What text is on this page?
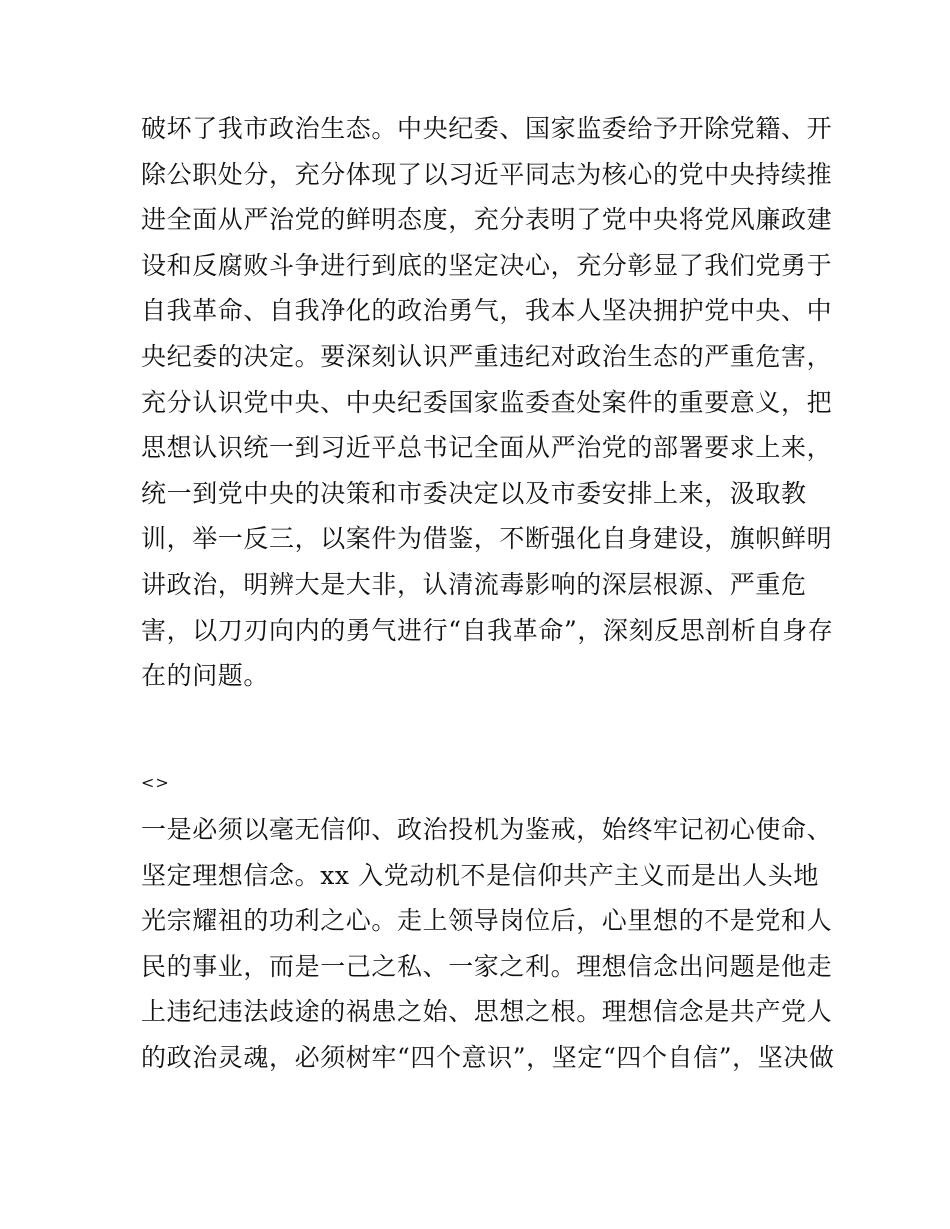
破坏了我市政治生态。中央纪委、国家监委给予开除党籍、开
除公职处分，充分体现了以习近平同志为核心的党中央持续推
进全面从严治党的鲜明态度，充分表明了党中央将党风廉政建
设和反腐败斗争进行到底的坚定决心，充分彰显了我们党勇于
自我革命、自我净化的政治勇气，我本人坚决拥护党中央、中
央纪委的决定。要深刻认识严重违纪对政治生态的严重危害，
充分认识党中央、中央纪委国家监委查处案件的重要意义，把
思想认识统一到习近平总书记全面从严治党的部署要求上来，
统一到党中央的决策和市委决定以及市委安排上来，汲取教
训，举一反三，以案件为借鉴，不断强化自身建设，旗帜鲜明
讲政治，明辨大是大非，认清流毒影响的深层根源、严重危
害，以刀刃向内的勇气进行“自我革命”，深刻反思剖析自身存
在的问题。
<>
一是必须以毫无信仰、政治投机为鉴戒，始终牢记初心使命、
坚定理想信念。xx 入党动机不是信仰共产主义而是出人头地
光宗耀祖的功利之心。走上领导岗位后，心里想的不是党和人
民的事业，而是一己之私、一家之利。理想信念出问题是他走
上违纪违法歧途的祸患之始、思想之根。理想信念是共产党人
的政治灵魂，必须树牢“四个意识”，坚定“四个自信”，坚决做
